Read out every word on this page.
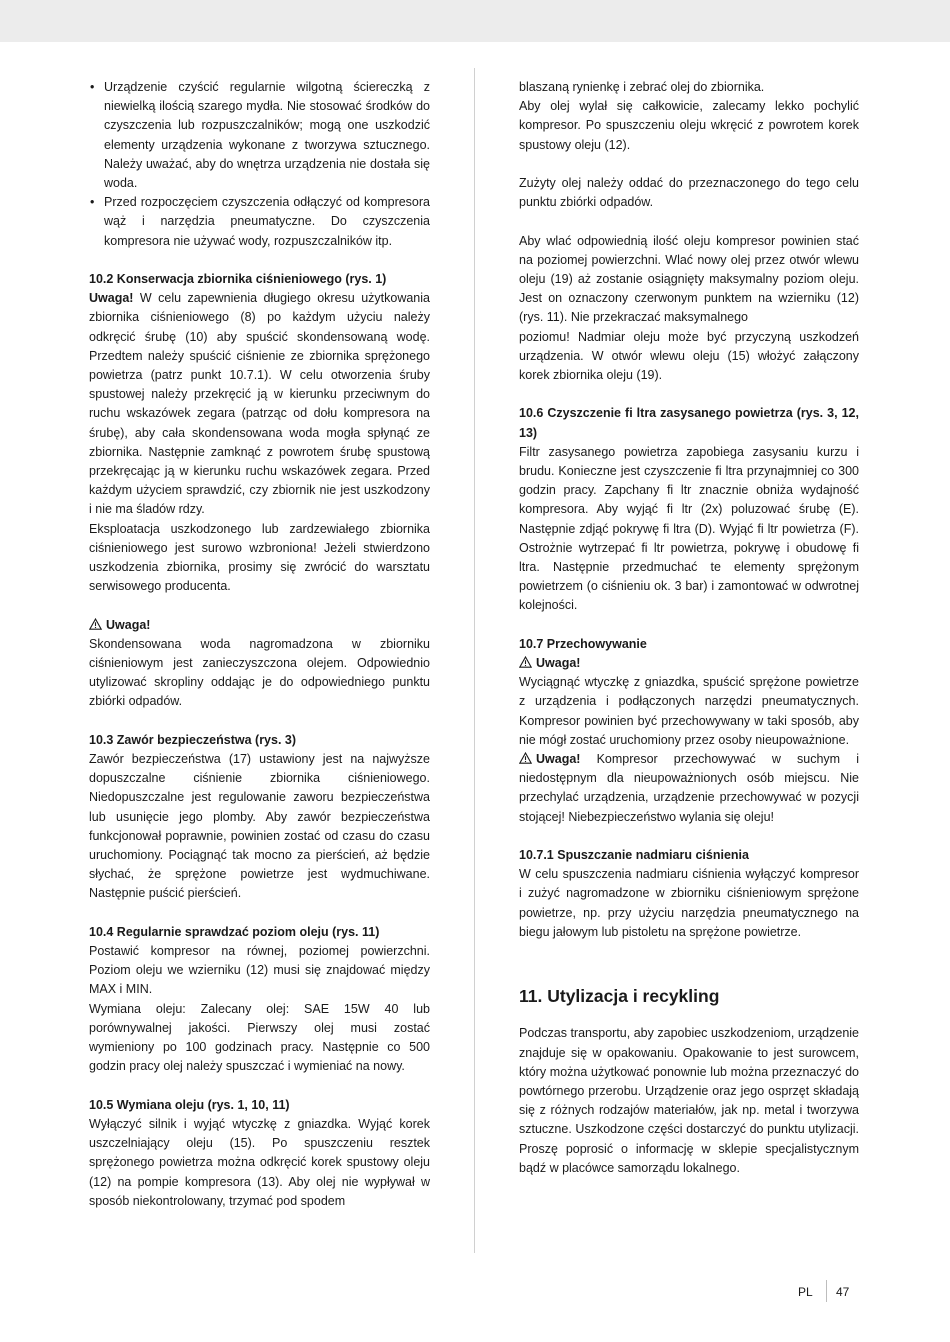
• Urządzenie czyścić regularnie wilgotną ściereczką z niewielką ilością szarego mydła. Nie stosować środków do czyszczenia lub rozpuszczalników; mogą one uszkodzić elementy urządzenia wykonane z tworzywa sztucznego. Należy uważać, aby do wnętrza urządzenia nie dostała się woda.
• Przed rozpoczęciem czyszczenia odłączyć od kompresora wąż i narzędzia pneumatyczne. Do czyszczenia kompresora nie używać wody, rozpuszczalników itp.

10.2 Konserwacja zbiornika ciśnieniowego (rys. 1)

Uwaga! W celu zapewnienia długiego okresu użytkowania zbiornika ciśnieniowego (8) po każdym użyciu należy odkręcić śrubę (10) aby spuścić skondensowaną wodę. Przedtem należy spuścić ciśnienie ze zbiornika sprężonego powietrza (patrz punkt 10.7.1). W celu otworzenia śruby spustowej należy przekręcić ją w kierunku przeciwnym do ruchu wskazówek zegara (patrząc od dołu kompresora na śrubę), aby cała skondensowana woda mogła spłynąć ze zbiornika. Następnie zamknąć z powrotem śrubę spustową przekręcając ją w kierunku ruchu wskazówek zegara. Przed każdym użyciem sprawdzić, czy zbiornik nie jest uszkodzony i nie ma śladów rdzy.

Eksploatacja uszkodzonego lub zardzewiałego zbiornika ciśnieniowego jest surowo wzbroniona! Jeżeli stwierdzono uszkodzenia zbiornika, prosimy się zwrócić do warsztatu serwisowego producenta.

Uwaga!

Skondensowana woda nagromadzona w zbiorniku ciśnieniowym jest zanieczyszczona olejem. Odpowiednio utylizować skropliny oddając je do odpowiedniego punktu zbiórki odpadów.

10.3 Zawór bezpieczeństwa (rys. 3)

Zawór bezpieczeństwa (17) ustawiony jest na najwyższe dopuszczalne ciśnienie zbiornika ciśnieniowego. Niedopuszczalne jest regulowanie zaworu bezpieczeństwa lub usunięcie jego plomby. Aby zawór bezpieczeństwa funkcjonował poprawnie, powinien zostać od czasu do czasu uruchomiony. Pociągnąć tak mocno za pierścień, aż będzie słychać, że sprężone powietrze jest wydmuchiwane. Następnie puścić pierścień.

10.4 Regularnie sprawdzać poziom oleju (rys. 11)

Postawić kompresor na równej, poziomej powierzchni. Poziom oleju we wzierniku (12) musi się znajdować między MAX i MIN.

Wymiana oleju: Zalecany olej: SAE 15W 40 lub porównywalnej jakości. Pierwszy olej musi zostać wymieniony po 100 godzinach pracy. Następnie co 500 godzin pracy olej należy spuszczać i wymieniać na nowy.

10.5 Wymiana oleju (rys. 1, 10, 11)

Wyłączyć silnik i wyjąć wtyczkę z gniazdka. Wyjąć korek uszczelniający oleju (15). Po spuszczeniu resztek sprężonego powietrza można odkręcić korek spustowy oleju (12) na pompie kompresora (13). Aby olej nie wypływał w sposób niekontrolowany, trzymać pod spodem

blaszaną rynienkę i zebrać olej do zbiornika.

Aby olej wylał się całkowicie, zalecamy lekko pochylić kompresor. Po spuszczeniu oleju wkręcić z powrotem korek spustowy oleju (12).

Zużyty olej należy oddać do przeznaczonego do tego celu punktu zbiórki odpadów.

Aby wlać odpowiednią ilość oleju kompresor powinien stać na poziomej powierzchni. Wlać nowy olej przez otwór wlewu oleju (19) aż zostanie osiągnięty maksymalny poziom oleju. Jest on oznaczony czerwonym punktem na wzierniku (12) (rys. 11). Nie przekraczać maksymalnego

poziomu! Nadmiar oleju może być przyczyną uszkodzeń urządzenia. W otwór wlewu oleju (15) włożyć załączony korek zbiornika oleju (19).

10.6 Czyszczenie fi ltra zasysanego powietrza (rys. 3, 12, 13)

Filtr zasysanego powietrza zapobiega zasysaniu kurzu i brudu. Konieczne jest czyszczenie fi ltra przynajmniej co 300 godzin pracy. Zapchany fi ltr znacznie obniża wydajność kompresora. Aby wyjąć fi ltr (2x) poluzować śrubę (E). Następnie zdjąć pokrywę fi ltra (D). Wyjąć fi ltr powietrza (F). Ostrożnie wytrzepać fi ltr powietrza, pokrywę i obudowę fi ltra. Następnie przedmuchać te elementy sprężonym powietrzem (o ciśnieniu ok. 3 bar) i zamontować w odwrotnej kolejności.

10.7 Przechowywanie

Uwaga!

Wyciągnąć wtyczkę z gniazdka, spuścić sprężone powietrze z urządzenia i podłączonych narzędzi pneumatycznych. Kompresor powinien być przechowywany w taki sposób, aby nie mógł zostać uruchomiony przez osoby nieupoważnione.

Uwaga! Kompresor przechowywać w suchym i niedostępnym dla nieupoważnionych osób miejscu. Nie przechylać urządzenia, urządzenie przechowywać w pozycji stojącej! Niebezpieczeństwo wylania się oleju!

10.7.1 Spuszczanie nadmiaru ciśnienia

W celu spuszczenia nadmiaru ciśnienia wyłączyć kompresor i zużyć nagromadzone w zbiorniku ciśnieniowym sprężone powietrze, np. przy użyciu narzędzia pneumatycznego na biegu jałowym lub pistoletu na sprężone powietrze.

11. Utylizacja i recykling

Podczas transportu, aby zapobiec uszkodzeniom, urządzenie znajduje się w opakowaniu. Opakowanie to jest surowcem, który można użytkować ponownie lub można przeznaczyć do powtórnego przerobu. Urządzenie oraz jego osprzęt składają się z różnych rodzajów materiałów, jak np. metal i tworzywa sztuczne. Uszkodzone części dostarczyć do punktu utylizacji. Proszę poprosić o informację w sklepie specjalistycznym bądź w placówce samorządu lokalnego.

PL 47
